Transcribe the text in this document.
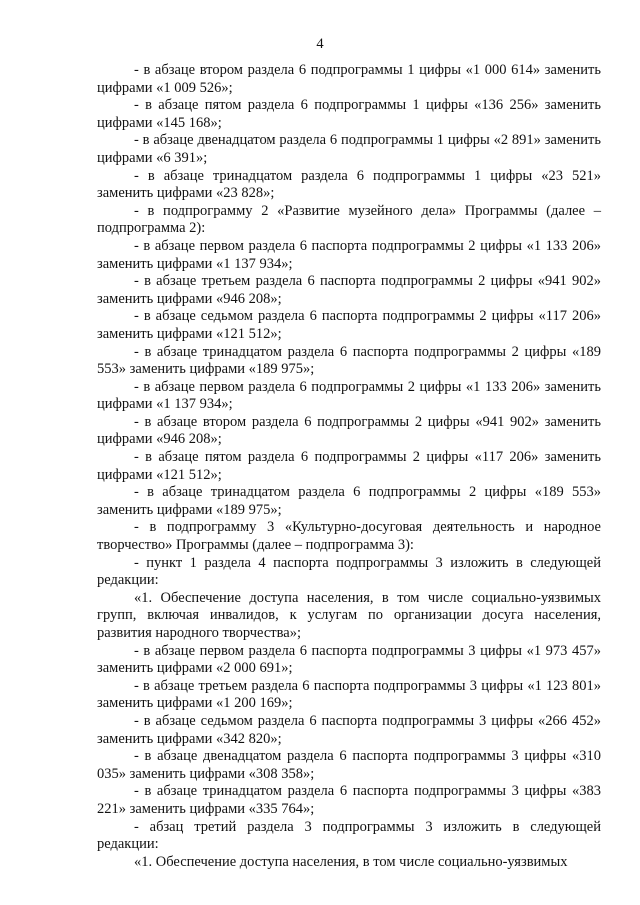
4

- в абзаце втором раздела 6 подпрограммы 1 цифры «1 000 614» заменить цифрами «1 009 526»;

- в абзаце пятом раздела 6 подпрограммы 1 цифры «136 256» заменить цифрами «145 168»;

- в абзаце двенадцатом раздела 6 подпрограммы 1 цифры «2 891» заменить цифрами «6 391»;

- в абзаце тринадцатом раздела 6 подпрограммы 1 цифры «23 521» заменить цифрами «23 828»;

- в подпрограмму 2 «Развитие музейного дела» Программы (далее – подпрограмма 2):

- в абзаце первом раздела 6 паспорта подпрограммы 2 цифры «1 133 206» заменить цифрами «1 137 934»;

- в абзаце третьем раздела 6 паспорта подпрограммы 2 цифры «941 902» заменить цифрами «946 208»;

- в абзаце седьмом раздела 6 паспорта подпрограммы 2 цифры «117 206» заменить цифрами «121 512»;

- в абзаце тринадцатом раздела 6 паспорта подпрограммы 2 цифры «189 553» заменить цифрами «189 975»;

- в абзаце первом раздела 6 подпрограммы 2 цифры «1 133 206» заменить цифрами «1 137 934»;

- в абзаце втором раздела 6 подпрограммы 2 цифры «941 902» заменить цифрами «946 208»;

- в абзаце пятом раздела 6 подпрограммы 2 цифры «117 206» заменить цифрами «121 512»;

- в абзаце тринадцатом раздела 6 подпрограммы 2 цифры «189 553» заменить цифрами «189 975»;

- в подпрограмму 3 «Культурно-досуговая деятельность и народное творчество» Программы (далее – подпрограмма 3):

- пункт 1 раздела 4 паспорта подпрограммы 3 изложить в следующей редакции:

«1. Обеспечение доступа населения, в том числе социально-уязвимых групп, включая инвалидов, к услугам по организации досуга населения, развития народного творчества»;

- в абзаце первом раздела 6 паспорта подпрограммы 3 цифры «1 973 457» заменить цифрами «2 000 691»;

- в абзаце третьем раздела 6 паспорта подпрограммы 3 цифры «1 123 801» заменить цифрами «1 200 169»;

- в абзаце седьмом раздела 6 паспорта подпрограммы 3 цифры «266 452» заменить цифрами «342 820»;

- в абзаце двенадцатом раздела 6 паспорта подпрограммы 3 цифры «310 035» заменить цифрами «308 358»;

- в абзаце тринадцатом раздела 6 паспорта подпрограммы 3 цифры «383 221» заменить цифрами «335 764»;

- абзац третий раздела 3 подпрограммы 3 изложить в следующей редакции:

«1. Обеспечение доступа населения, в том числе социально-уязвимых
